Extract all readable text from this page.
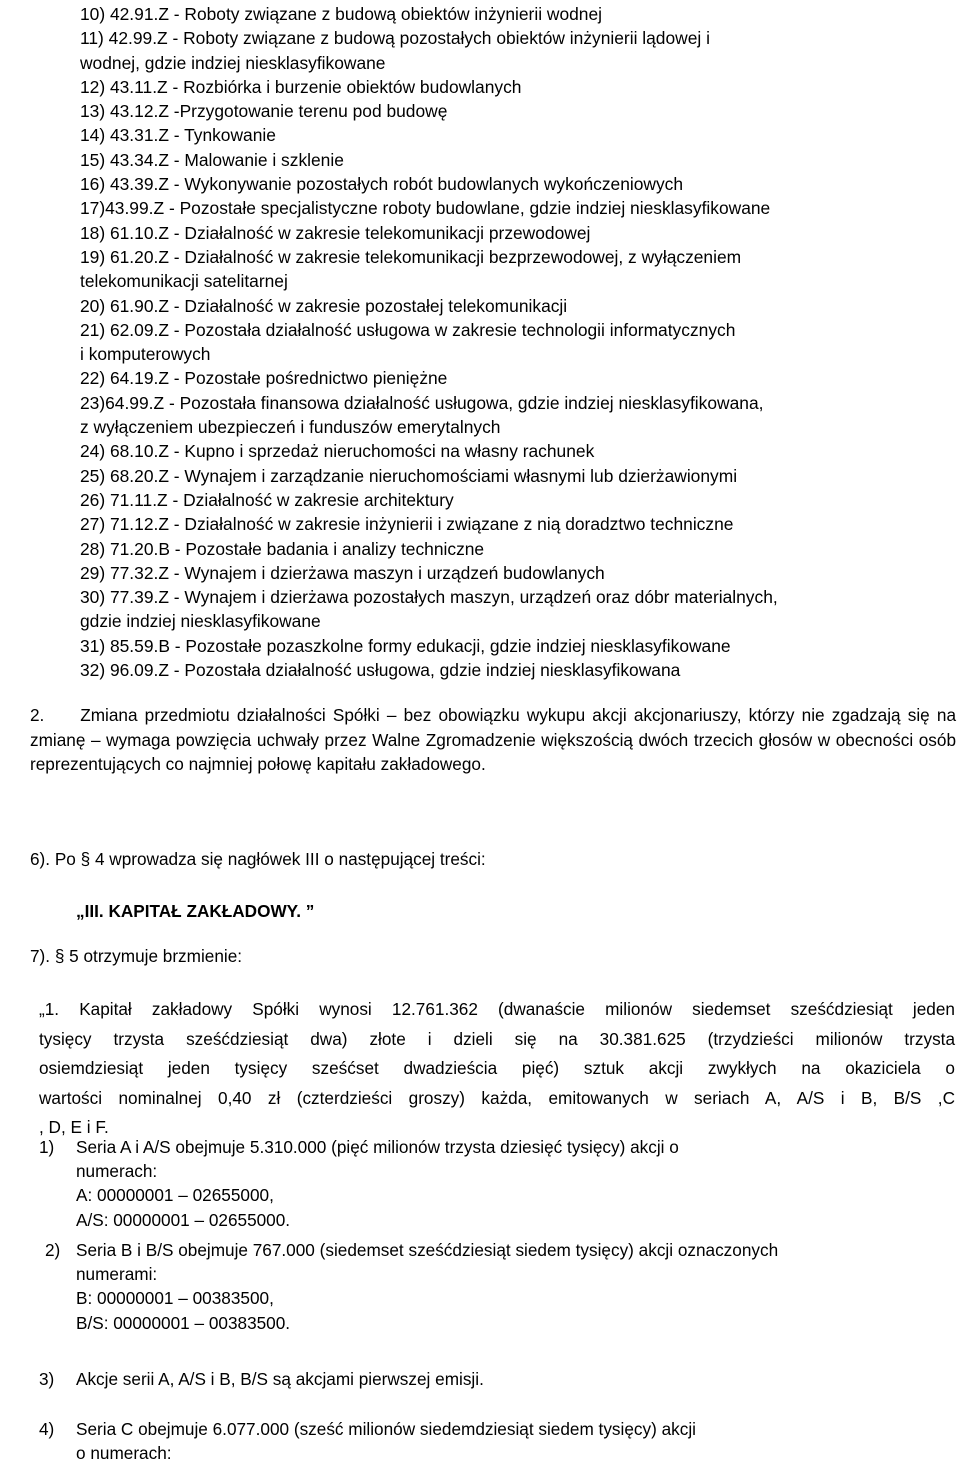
10) 42.91.Z - Roboty związane z budową obiektów inżynierii wodnej

11) 42.99.Z - Roboty związane z budową pozostałych obiektów inżynierii lądowej i

wodnej, gdzie indziej niesklasyfikowane

12) 43.11.Z - Rozbiórka i burzenie obiektów budowlanych

13) 43.12.Z -Przygotowanie terenu pod budowę

14) 43.31.Z - Tynkowanie

15) 43.34.Z - Malowanie i szklenie

16) 43.39.Z - Wykonywanie pozostałych robót budowlanych wykończeniowych

17)43.99.Z - Pozostałe specjalistyczne roboty budowlane, gdzie indziej niesklasyfikowane

18) 61.10.Z - Działalność w zakresie telekomunikacji przewodowej

19) 61.20.Z - Działalność w zakresie telekomunikacji bezprzewodowej, z wyłączeniem

telekomunikacji satelitarnej

20) 61.90.Z - Działalność w zakresie pozostałej telekomunikacji

21) 62.09.Z - Pozostała działalność usługowa w zakresie technologii informatycznych

i komputerowych

22) 64.19.Z - Pozostałe pośrednictwo pieniężne

23)64.99.Z - Pozostała finansowa działalność usługowa, gdzie indziej niesklasyfikowana,

z wyłączeniem ubezpieczeń i funduszów emerytalnych

24) 68.10.Z - Kupno i sprzedaż nieruchomości na własny rachunek

25) 68.20.Z - Wynajem i zarządzanie nieruchomościami własnymi lub dzierżawionymi

26) 71.11.Z - Działalność w zakresie architektury

27) 71.12.Z - Działalność w zakresie inżynierii i związane z nią doradztwo techniczne

28) 71.20.B - Pozostałe badania i analizy techniczne

29) 77.32.Z - Wynajem i dzierżawa maszyn i urządzeń budowlanych

30) 77.39.Z - Wynajem i dzierżawa pozostałych maszyn, urządzeń oraz dóbr materialnych,

gdzie indziej niesklasyfikowane

31) 85.59.B - Pozostałe pozaszkolne formy edukacji, gdzie indziej niesklasyfikowane

32) 96.09.Z - Pozostała działalność usługowa, gdzie indziej niesklasyfikowana

2. Zmiana przedmiotu działalności Spółki – bez obowiązku wykupu akcji akcjonariuszy, którzy nie zgadzają się na zmianę – wymaga powzięcia uchwały przez Walne Zgromadzenie większością dwóch trzecich głosów w obecności osób reprezentujących co najmniej połowę kapitału zakładowego.

6). Po § 4 wprowadza się nagłówek III o następującej treści:
„III. KAPITAŁ ZAKŁADOWY. ”
7). § 5 otrzymuje brzmienie:

„1. Kapitał zakładowy Spółki wynosi 12.761.362 (dwanaście milionów siedemset sześćdziesiąt jeden

tysięcy trzysta sześćdziesiąt dwa) złote i dzieli się na 30.381.625 (trzydzieści milionów trzysta

osiemdziesiąt jeden tysięcy sześćset dwadzieścia pięć) sztuk akcji zwykłych na okaziciela o

wartości nominalnej 0,40 zł (czterdzieści groszy) każda, emitowanych w seriach A, A/S i B, B/S ,C

, D, E i F.

1) Seria A i A/S obejmuje 5.310.000 (pięć milionów trzysta dziesięć tysięcy) akcji o

numerach:

A: 00000001 – 02655000,

A/S: 00000001 – 02655000.

2) Seria B i B/S obejmuje 767.000 (siedemset sześćdziesiąt siedem tysięcy) akcji oznaczonych

numerami:

B: 00000001 – 00383500,

B/S: 00000001 – 00383500.

3) Akcje serii A, A/S i B, B/S są akcjami pierwszej emisji.

4) Seria C obejmuje 6.077.000 (sześć milionów siedemdziesiąt siedem tysięcy) akcji

o numerach:
